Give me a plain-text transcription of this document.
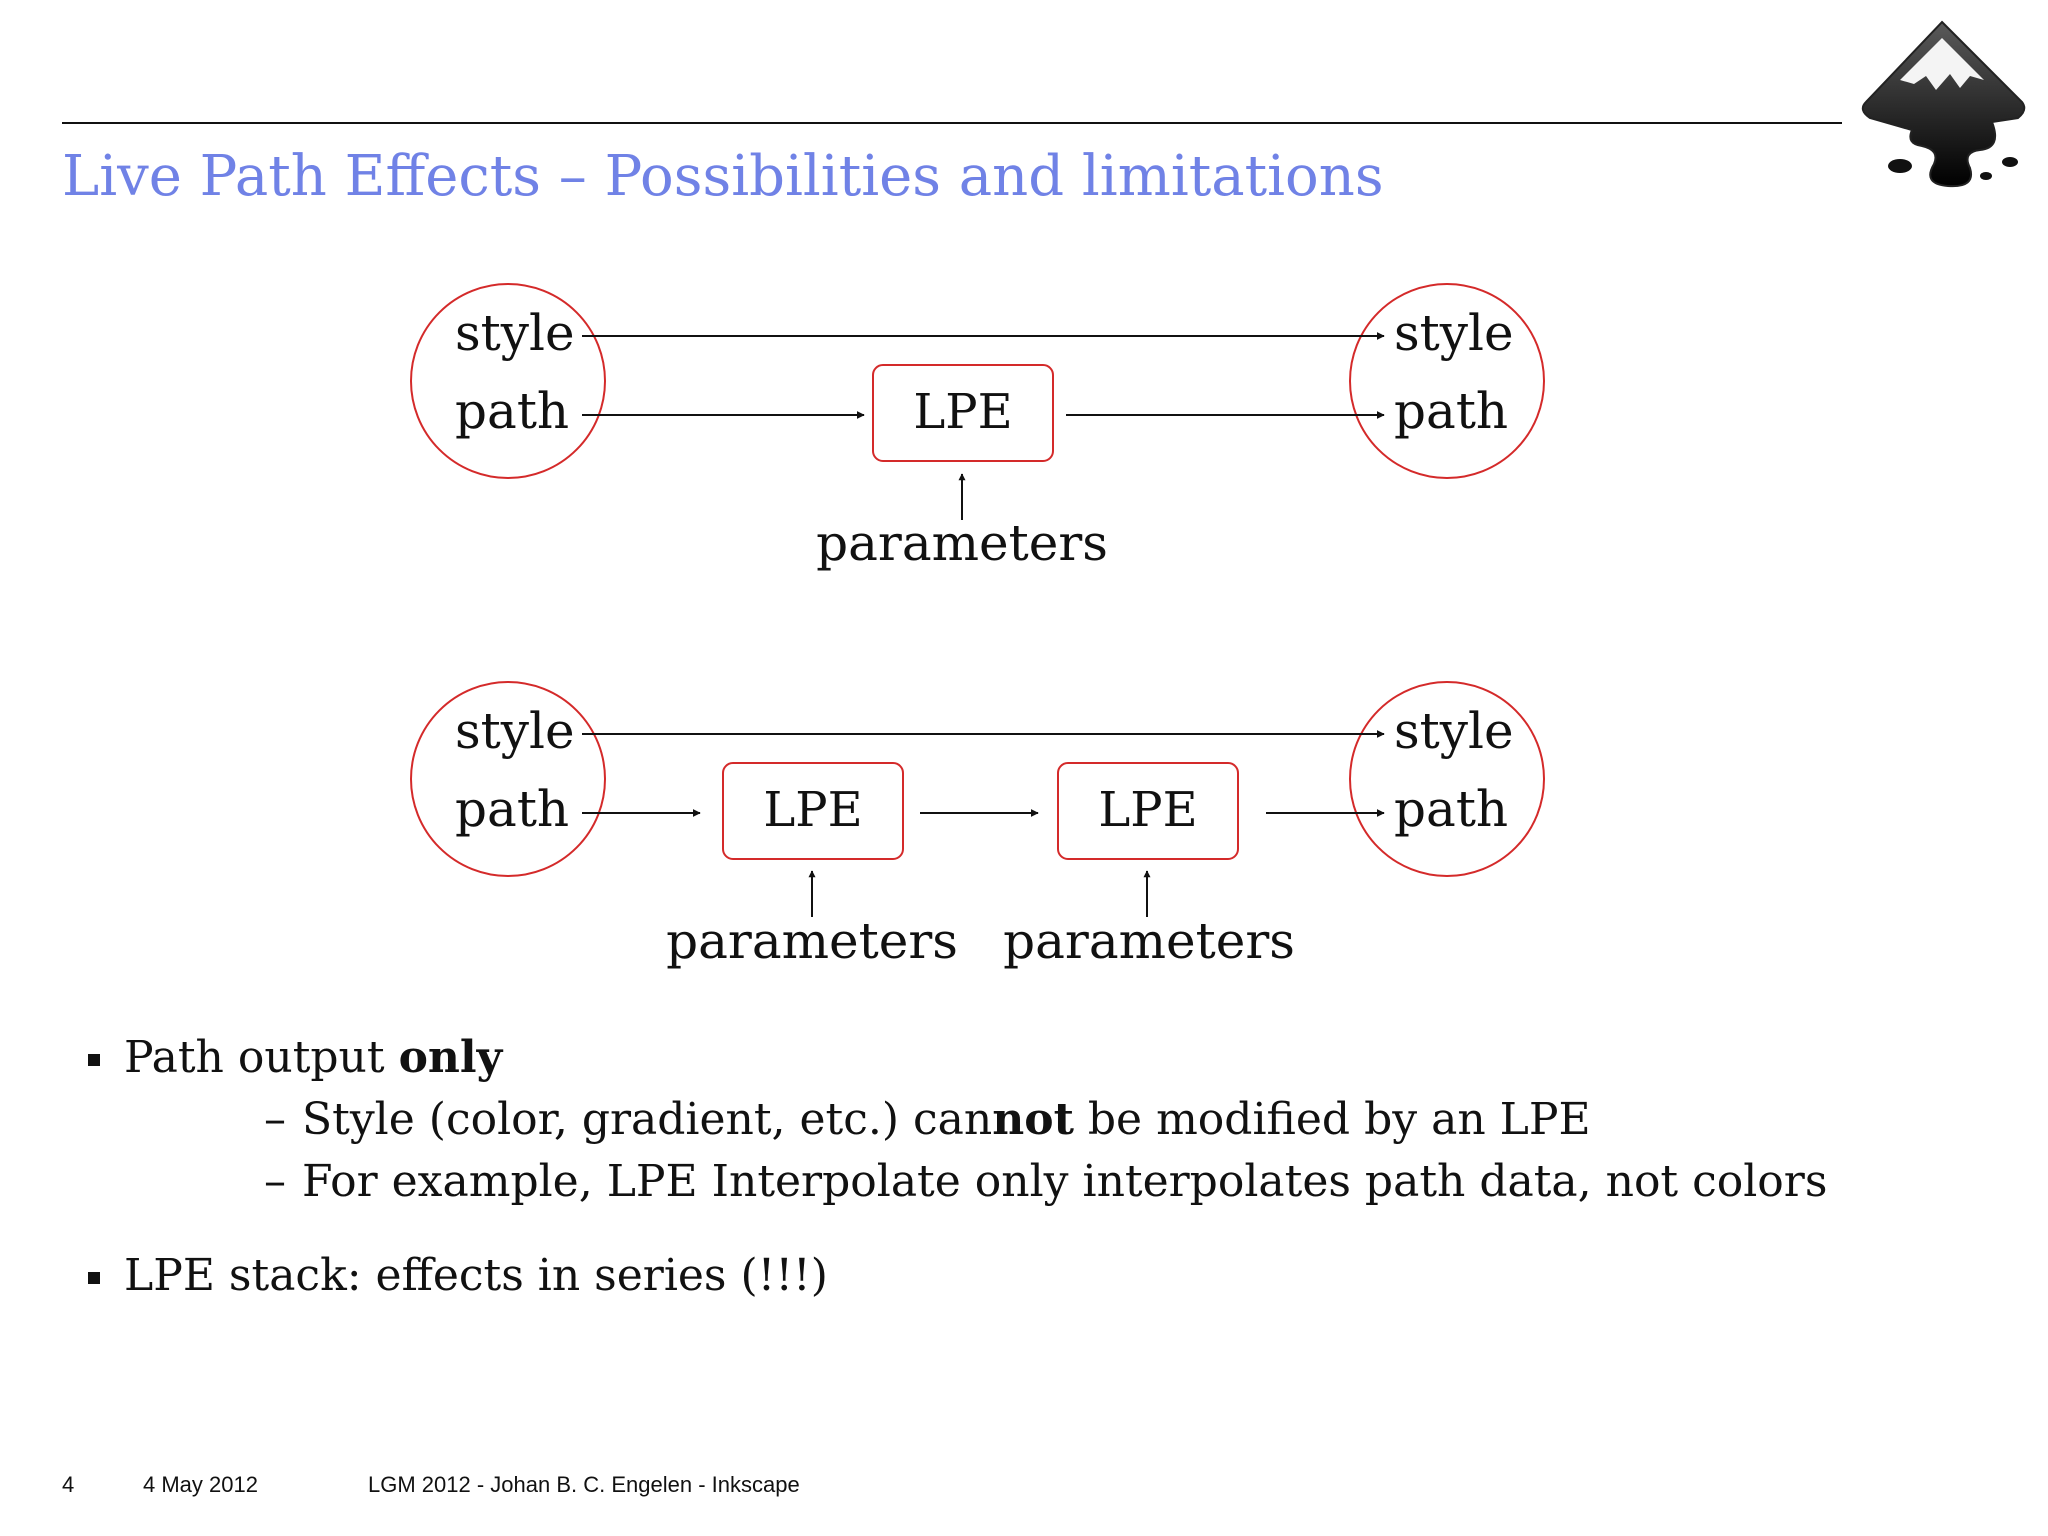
Live Path Effects – Possibilities and limitations
style
path
style
path
LPE
parameters
style
path
style
path
LPE	LPE
parameters parameters
Path output only
– Style (color, gradient, etc.) cannot be modified by an LPE
– For example, LPE Interpolate only interpolates path data, not colors
LPE stack: effects in series (!!!)
4	4 May 2012	LGM 2012 - Johan B. C. Engelen - Inkscape
